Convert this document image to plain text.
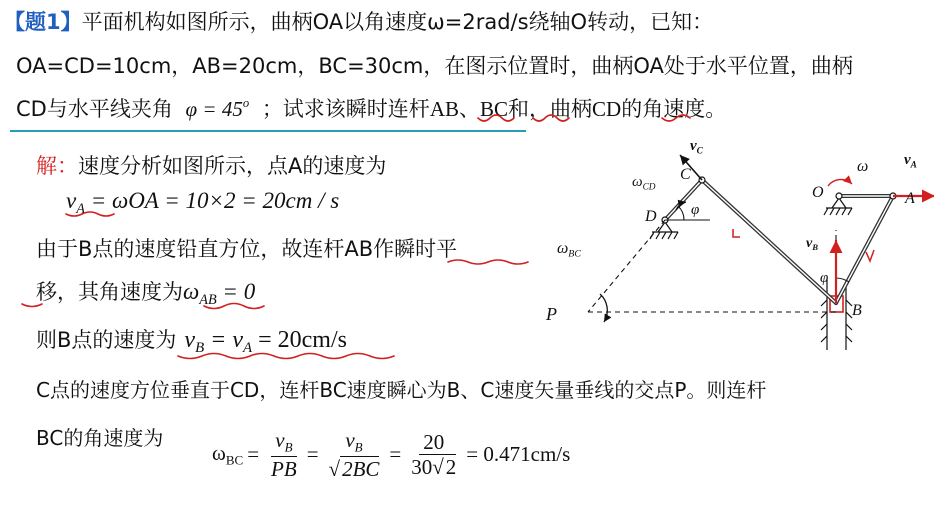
【题1】平面机构如图所示，曲柄OA以角速度ω=2rad/s绕轴O转动，已知：
OA=CD=10cm，AB=20cm，BC=30cm，在图示位置时，曲柄OA处于水平位置，曲柄
CD与水平线夹角 $\varphi = 45^o$ ；试求该瞬时连杆AB、BC和，曲柄CD的角速度。
解：速度分析如图所示，点A的速度为
$v_A = \omega OA = 10\times 2 = 20cm / s$
由于B点的速度铅直方位，故连杆AB作瞬时平
移，其角速度为$\omega_{AB} = 0$
则B点的速度为 $v_B = v_A = 20cm/s$
C点的速度方位垂直于CD，连杆BC速度瞬心为B、C速度矢量垂线的交点P。则连杆
BC的角速度为
$\omega_{BC} = \frac{v_B}{PB} = \frac{v_B}{√2BC} = \frac{20}{30√2} = 0.471cm/s$
$v_C$
$\omega_{CD}$
C
D φ
ω
O	A
$v_A$
$\omega_{BC}$
$v_B$
φ
P	B
